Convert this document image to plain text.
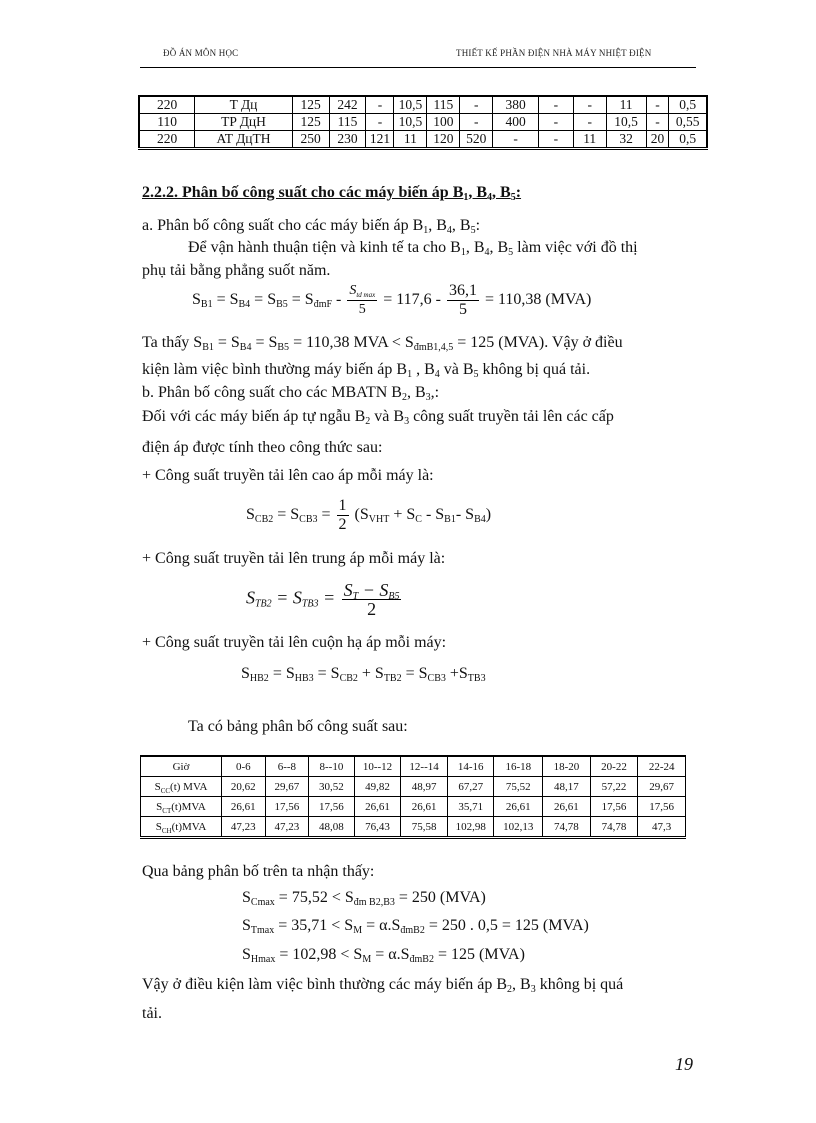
ĐỒ ÁN MÔN HỌC	THIẾT KẾ PHẦN ĐIỆN NHÀ MÁY NHIỆT ĐIỆN
220	T Дц	125	242	-	10,5	115	-	380	-	-	11	-	0,5
110	TP ДцН	125	115	-	10,5	100	-	400	-	-	10,5	-	0,55
220	AT ДцТН	250	230	121	11	120	520	-	-	11	32	20	0,5
2.2.2. Phân bố công suất cho các máy biến áp $B_1$, $B_4$, $B_5$:
a. Phân bố công suất cho các máy biến áp $B_1$, $B_4$, $B_5$:
Để vận hành thuận tiện và kinh tế ta cho $B_1$, $B_4$, $B_5$ làm việc với đồ thị
phụ tải bằng phẳng suốt năm.
$S_{B1} = S_{B4} = S_{B5} = S_{đmF} - \frac{S_{td max}}{5} = 117,6 - \frac{36,1}{5} = 110,38$ (MVA)
Ta thấy $S_{B1} = S_{B4} = S_{B5} = 110,38$ MVA < $S_{đmB1,4,5} = 125$ (MVA). Vậy ở điều
kiện làm việc bình thường máy biến áp $B_1$ , $B_4$ và $B_5$ không bị quá tải.
b. Phân bố công suất cho các MBATN $B_2$, $B_3$,:
Đối với các máy biến áp tự ngẫu $B_2$ và $B_3$ công suất truyền tải lên các cấp
điện áp được tính theo công thức sau:
+ Công suất truyền tải lên cao áp mỗi máy là:
$S_{CB2} = S_{CB3} = \frac{1}{2} (S_{VHT} + S_C - S_{B1}-$ $S_{B4}$)
+ Công suất truyền tải lên trung áp mỗi máy là:
$S_{TB2} = S_{TB3} = \frac{S_T - S_{B5}}{2}$
+ Công suất truyền tải lên cuộn hạ áp mỗi máy:
$S_{HB2} = S_{HB3} = S_{CB2} + S_{TB2} = S_{CB3} +S_{TB3}$
Ta có bảng phân bố công suất sau:
Giờ	0-6	6--8	8--10	10--12	12--14	14-16	16-18	18-20	20-22	22-24
$S_{CC}(t)$ MVA	20,62	29,67	30,52	49,82	48,97	67,27	75,52	48,17	57,22	29,67
$S_{CT}(t)MVA$	26,61	17,56	17,56	26,61	26,61	35,71	26,61	26,61	17,56	17,56
$S_{CH}(t)MVA$	47,23	47,23	48,08	76,43	75,58	102,98	102,13	74,78	74,78	47,3
Qua bảng phân bố trên ta nhận thấy:
$S_{Cmax} = 75,52 < S_{đm B2,B3} = 250$ (MVA)
$S_{Tmax} = 35,71 < S_M = \alpha.S_{đmB2} = 250$ . 0,5 = 125 (MVA)
$S_{Hmax} = 102,98 < S_M = \alpha.S_{đmB2} = 125$ (MVA)
Vậy ở điều kiện làm việc bình thường các máy biến áp $B_2$, $B_3$ không bị quá
tải.
19
